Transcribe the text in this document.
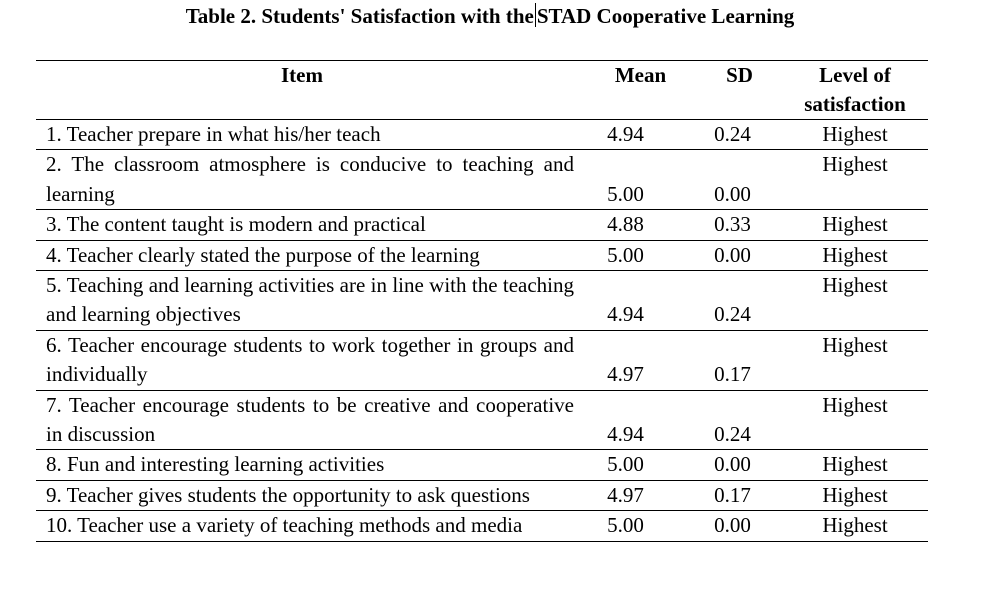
Table 2. Students' Satisfaction with the STAD Cooperative Learning
Item	Mean	SD	Level of satisfaction
1. Teacher prepare in what his/her teach	4.94	0.24	Highest
2. The classroom atmosphere is conducive to teaching and learning	5.00	0.00	Highest
3. The content taught is modern and practical	4.88	0.33	Highest
4. Teacher clearly stated the purpose of the learning	5.00	0.00	Highest
5. Teaching and learning activities are in line with the teaching and learning objectives	4.94	0.24	Highest
6. Teacher encourage students to work together in groups and individually	4.97	0.17	Highest
7. Teacher encourage students to be creative and cooperative in discussion	4.94	0.24	Highest
8. Fun and interesting learning activities	5.00	0.00	Highest
9. Teacher gives students the opportunity to ask questions	4.97	0.17	Highest
10. Teacher use a variety of teaching methods and media	5.00	0.00	Highest
